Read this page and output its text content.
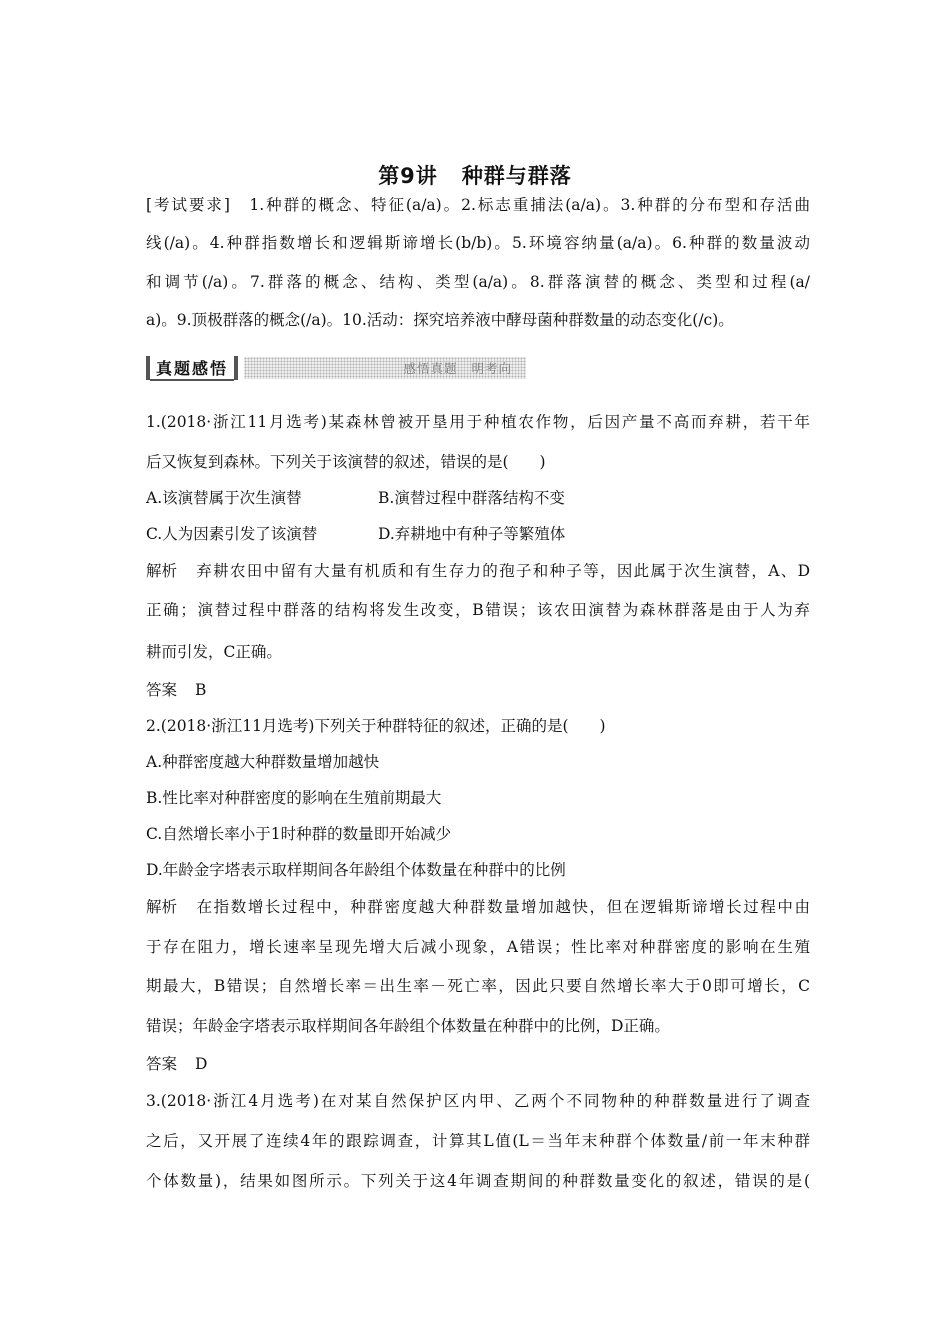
第9讲 种群与群落
[考试要求]　1.种群的概念、特征(a/a)。2.标志重捕法(a/a)。3.种群的分布型和存活曲
线(/a)。4.种群指数增长和逻辑斯谛增长(b/b)。5.环境容纳量(a/a)。6.种群的数量波动
和调节(/a)。7.群落的概念、结构、类型(a/a)。8.群落演替的概念、类型和过程(a/
a)。9.顶极群落的概念(/a)。10.活动：探究培养液中酵母菌种群数量的动态变化(/c)。
真题感悟	感悟真题 明考向
1.(2018·浙江11月选考)某森林曾被开垦用于种植农作物，后因产量不高而弃耕，若干年
后又恢复到森林。下列关于该演替的叙述，错误的是(　　)
A.该演替属于次生演替	B.演替过程中群落结构不变
C.人为因素引发了该演替	D.弃耕地中有种子等繁殖体
解析 弃耕农田中留有大量有机质和有生存力的孢子和种子等，因此属于次生演替，A、D
正确；演替过程中群落的结构将发生改变，B错误；该农田演替为森林群落是由于人为弃
耕而引发，C正确。
答案 B
2.(2018·浙江11月选考)下列关于种群特征的叙述，正确的是(　　)
A.种群密度越大种群数量增加越快
B.性比率对种群密度的影响在生殖前期最大
C.自然增长率小于1时种群的数量即开始减少
D.年龄金字塔表示取样期间各年龄组个体数量在种群中的比例
解析 在指数增长过程中，种群密度越大种群数量增加越快，但在逻辑斯谛增长过程中由
于存在阻力，增长速率呈现先增大后减小现象，A错误；性比率对种群密度的影响在生殖
期最大，B错误；自然增长率＝出生率－死亡率，因此只要自然增长率大于0即可增长，C
错误；年龄金字塔表示取样期间各年龄组个体数量在种群中的比例，D正确。
答案 D
3.(2018·浙江4月选考)在对某自然保护区内甲、乙两个不同物种的种群数量进行了调查
之后，又开展了连续4年的跟踪调查，计算其L值(L＝当年末种群个体数量/前一年末种群
个体数量)，结果如图所示。下列关于这4年调查期间的种群数量变化的叙述，错误的是(
